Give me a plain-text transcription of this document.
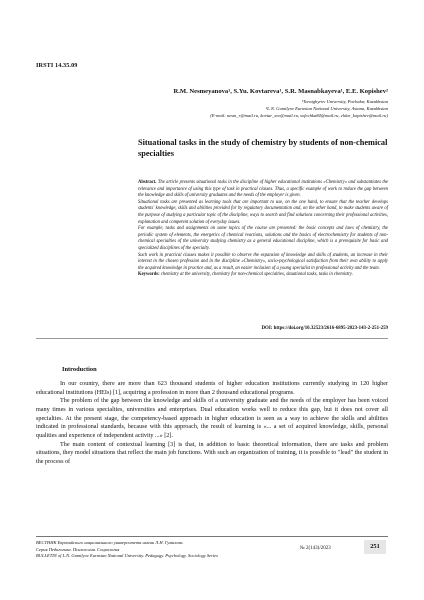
IRSTI 14.35.09
R.M. Nesmeyanova¹, S.Yu. Kovtareva¹, S.R. Masnabkayeva¹, E.E. Kopishev²
¹Toraighyrov University, Pavlodar, Kazakhstan
²L.N. Gumilyov Eurasian National University, Astana, Kazakhstan
(E-mail: nesm_r@mail.ru, kovtar_sve@mail.ru, sofechka84@mail.ru, eldar_kopishev@mail.ru)
Situational tasks in the study of chemistry by students of non-chemical specialties

Abstract. The article presents situational tasks in the discipline of higher educational institutions «Chemistry» and substantiates the relevance and importance of using this type of task in practical classes. Thus, a specific example of work to reduce the gap between the knowledge and skills of university graduates and the needs of the employer is given.

Situational tasks are presented as learning tools that are important to use, on the one hand, to ensure that the teacher develops students' knowledge, skills and abilities provided for by regulatory documentation and, on the other hand, to make students aware of the purpose of studying a particular topic of the discipline, ways to search and find solutions concerning their professional activities, explanation and competent solution of everyday issues.

For example, tasks and assignments on some topics of the course are presented: the basic concepts and laws of chemistry, the periodic system of elements, the energetics of chemical reactions, solutions and the basics of electrochemistry for students of non-chemical specialties of the university studying chemistry as a general educational discipline, which is a prerequisite for basic and specialized disciplines of the specialty.

Such work in practical classes makes it possible to observe the expansion of knowledge and skills of students, an increase in their interest in the chosen profession and in the discipline «Chemistry», socio-psychological satisfaction from their own ability to apply the acquired knowledge in practice and, as a result, an easier inclusion of a young specialist in professional activity and the team.

Keywords: chemistry at the university, chemistry for non-chemical specialties, situational tasks, tasks in chemistry.

DOI: https://doi.org/10.32523/2616-6895-2023-143-2-251-259
Introduction

In our country, there are more than 623 thousand students of higher education institutions currently studying in 120 higher educational institutions (HEIs) [1], acquiring a profession in more than 2 thousand educational programs.

The problem of the gap between the knowledge and skills of a university graduate and the needs of the employer has been voiced many times in various specialties, universities and enterprises. Dual education works well to reduce this gap, but it does not cover all specialties. At the present stage, the competency-based approach in higher education is seen as a way to achieve the skills and abilities indicated in professional standards, because with this approach, the result of learning is «... a set of acquired knowledge, skills, personal qualities and experience of independent activity ...» [2].

The main content of contextual learning [3] is that, in addition to basic theoretical information, there are tasks and problem situations, they model situations that reflect the main job functions. With such an organization of training, it is possible to "lead" the student in the process of

ВЕСТНИК Евразийского национального университета имени Л.Н. Гумилева.
Серия Педагогика. Психология. Социология
BULLETIN of L.N. Gumilyov Eurasian National University. Pedagogy. Psychology. Sociology Series
№ 2(143)/2023	251
